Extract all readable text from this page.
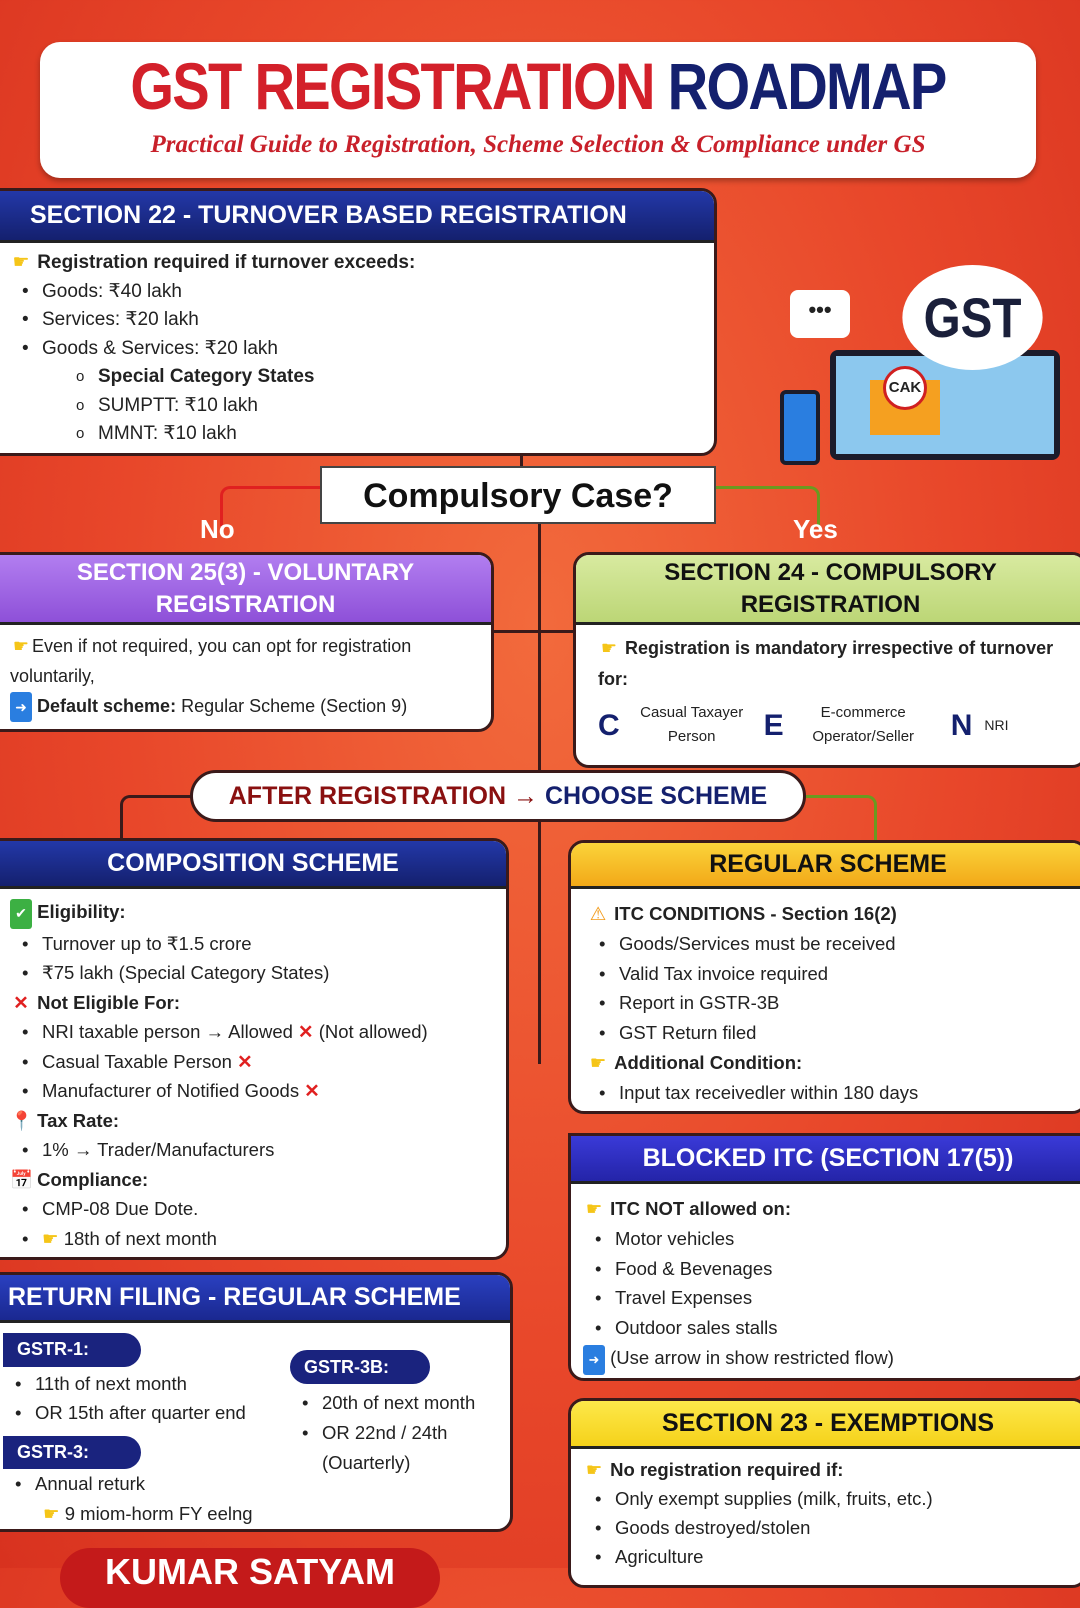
GST REGISTRATION ROADMAP
Practical Guide to Registration, Scheme Selection & Compliance under GS
•••
CAK
GST
SECTION 22 - TURNOVER BASED REGISTRATION
☛ Registration required if turnover exceeds:
• Goods: ₹40 lakh
• Services: ₹20 lakh
• Goods & Services: ₹20 lakh
o Special Category States
o SUMPTT: ₹10 lakh
o MMNT: ₹10 lakh
Compulsory Case?
No	Yes
SECTION 25(3) - VOLUNTARY REGISTRATION
☛ Even if not required, you can opt for registration voluntarily,
➜ Default scheme: Regular Scheme (Section 9)
SECTION 24 - COMPULSORY REGISTRATION
☛ Registration is mandatory irrespective of turnover for:
C	Casual Taxayer Person	E	E-commerce Operator/Seller	N NRI
AFTER REGISTRATION → CHOOSE SCHEME
COMPOSITION SCHEME
✔ Eligibility:
• Turnover up to ₹1.5 crore
• ₹75 lakh (Special Category States)
✕ Not Eligible For:
• NRI taxable person → Allowed ✕ (Not allowed)
• Casual Taxable Person ✕
• Manufacturer of Notified Goods ✕
📍 Tax Rate:
• 1% → Trader/Manufacturers
📅 Compliance:
• CMP-08 Due Dote.
• ☛ 18th of next month
REGULAR SCHEME
⚠ ITC CONDITIONS - Section 16(2)
• Goods/Services must be received
• Valid Tax invoice required
• Report in GSTR-3B
• GST Return filed
☛ Additional Condition:
• Input tax receivedler within 180 days
BLOCKED ITC (SECTION 17(5))
☛ ITC NOT allowed on:
• Motor vehicles
• Food & Bevenages
• Travel Expenses
• Outdoor sales stalls
➜ (Use arrow in show restricted flow)
RETURN FILING - REGULAR SCHEME
GSTR-1:
• 11th of next month
• OR 15th after quarter end
GSTR-3:
• Annual returk
☛ 9 miom-horm FY eelng
GSTR-3B:
• 20th of next month
• OR 22nd / 24th (Ouarterly)
SECTION 23 - EXEMPTIONS
☛ No registration required if:
• Only exempt supplies (milk, fruits, etc.)
• Goods destroyed/stolen
• Agriculture
KUMAR SATYAM
